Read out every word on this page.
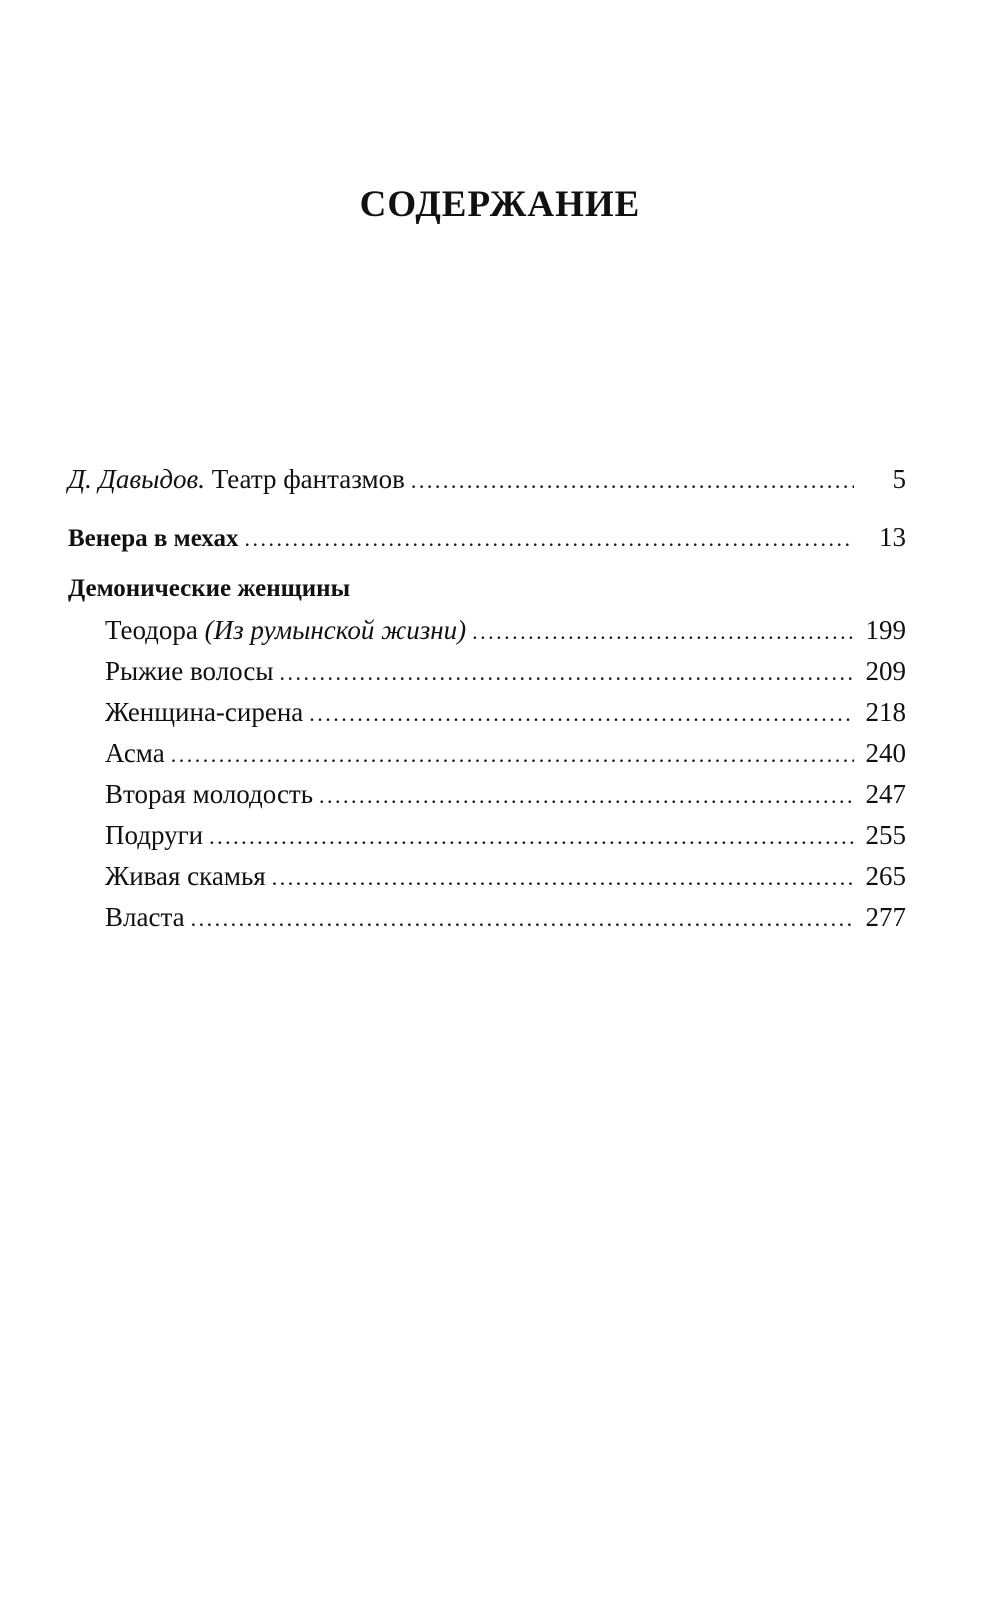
СОДЕРЖАНИЕ
Д. Давыдов. Театр фантазмов . . .	5
Венера в мехах . . .	13
Демонические женщины
Теодора (Из румынской жизни) . . .	199
Рыжие волосы . . .	209
Женщина-сирена . . .	218
Асма . . .	240
Вторая молодость . . .	247
Подруги . . .	255
Живая скамья . . .	265
Власта . . .	277
